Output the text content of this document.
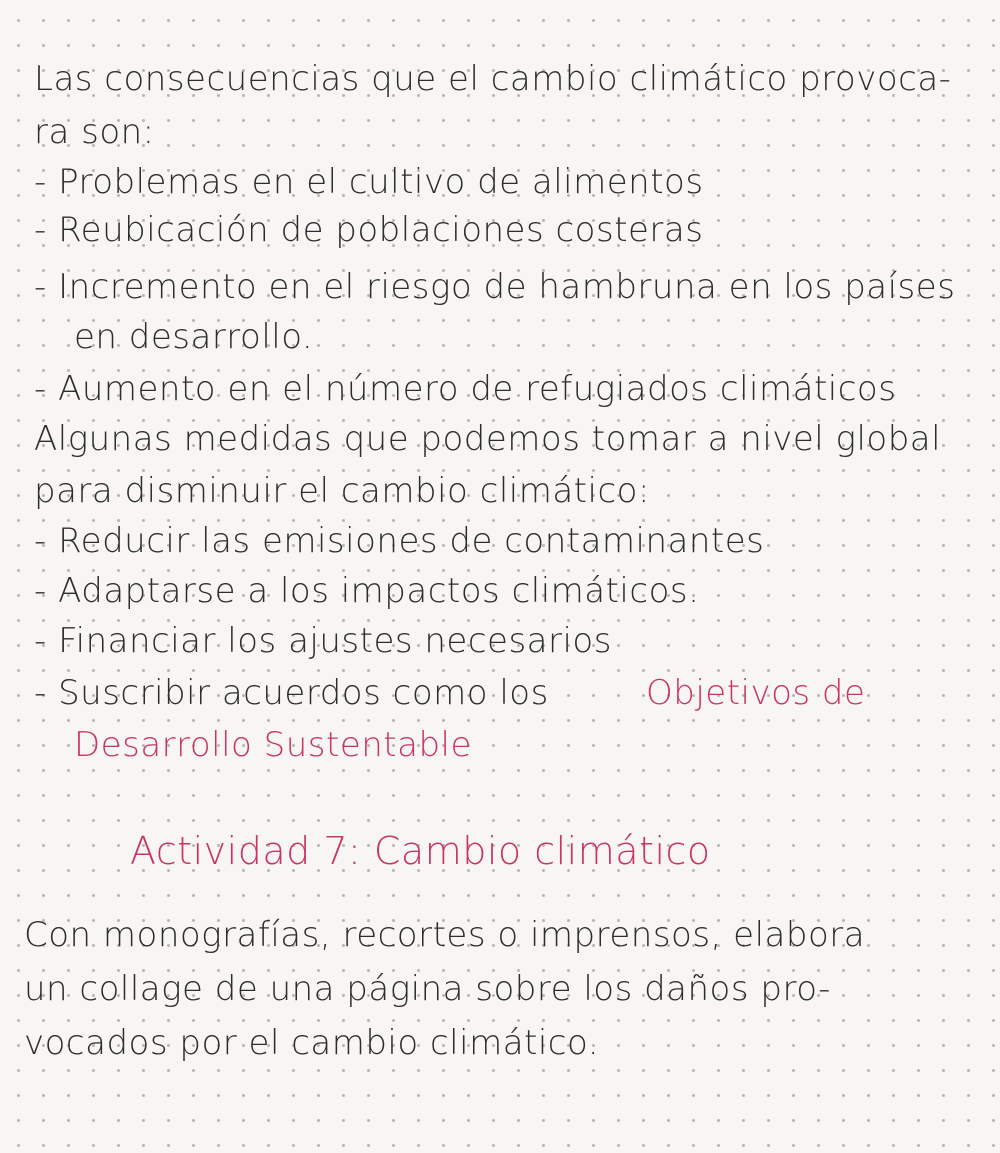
Las consecuencias que el cambio climático provoca-
ra son:
- Problemas en el cultivo de alimentos
- Reubicación de poblaciones costeras
- Incremento en el riesgo de hambruna en los países
en desarrollo.
- Aumento en el número de refugiados climáticos
Algunas medidas que podemos tomar a nivel global
para disminuir el cambio climático:
- Reducir las emisiones de contaminantes
- Adaptarse a los impactos climáticos.
- Financiar los ajustes necesarios
- Suscribir acuerdos como los	Objetivos de
Desarrollo Sustentable
Actividad 7: Cambio climático
Con monografías, recortes o imprensos, elabora
un collage de una página sobre los daños pro-
vocados por el cambio climático.
